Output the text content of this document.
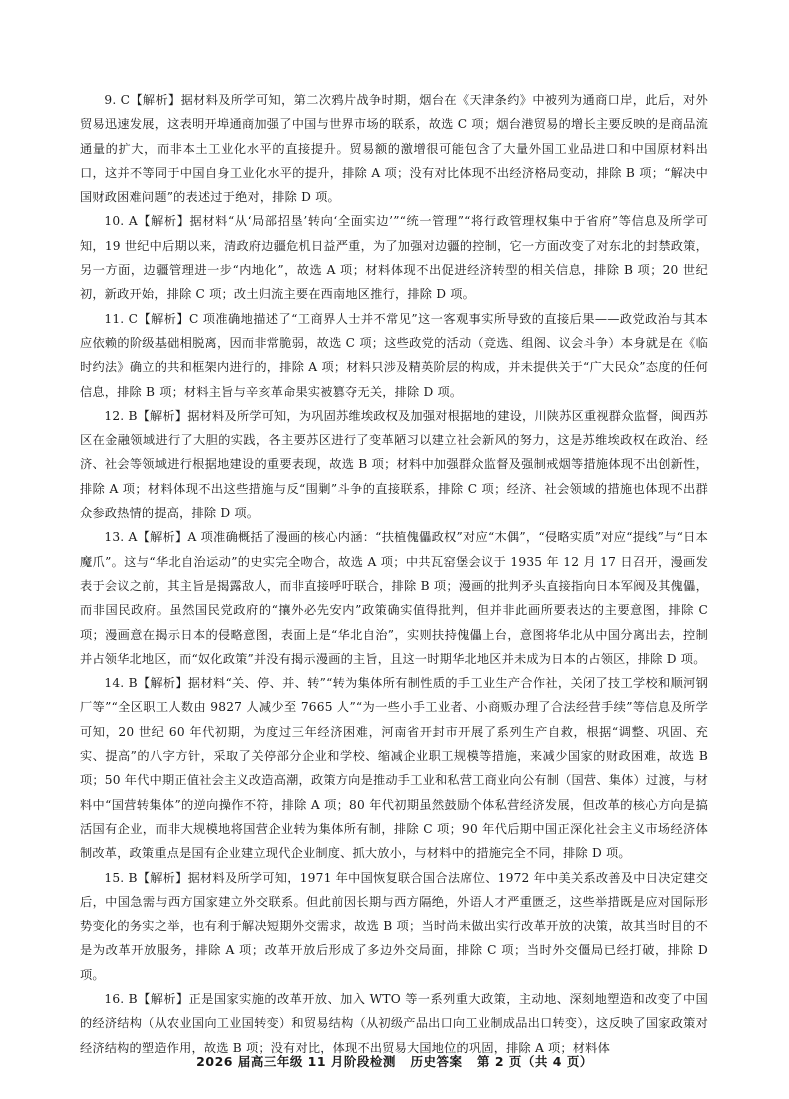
9. C【解析】据材料及所学可知，第二次鸦片战争时期，烟台在《天津条约》中被列为通商口岸，此后，对外贸易迅速发展，这表明开埠通商加强了中国与世界市场的联系，故选 C 项；烟台港贸易的增长主要反映的是商品流通量的扩大，而非本土工业化水平的直接提升。贸易额的激增很可能包含了大量外国工业品进口和中国原材料出口，这并不等同于中国自身工业化水平的提升，排除 A 项；没有对比体现不出经济格局变动，排除 B 项；“解决中国财政困难问题”的表述过于绝对，排除 D 项。

10. A【解析】据材料“从‘局部招垦’转向‘全面实边’”“统一管理”“将行政管理权集中于省府”等信息及所学可知，19 世纪中后期以来，清政府边疆危机日益严重，为了加强对边疆的控制，它一方面改变了对东北的封禁政策，另一方面，边疆管理进一步“内地化”，故选 A 项；材料体现不出促进经济转型的相关信息，排除 B 项；20 世纪初，新政开始，排除 C 项；改土归流主要在西南地区推行，排除 D 项。

11. C【解析】C 项准确地描述了“工商界人士并不常见”这一客观事实所导致的直接后果——政党政治与其本应依赖的阶级基础相脱离，因而非常脆弱，故选 C 项；这些政党的活动（竞选、组阁、议会斗争）本身就是在《临时约法》确立的共和框架内进行的，排除 A 项；材料只涉及精英阶层的构成，并未提供关于“广大民众”态度的任何信息，排除 B 项；材料主旨与辛亥革命果实被篡夺无关，排除 D 项。

12. B【解析】据材料及所学可知，为巩固苏维埃政权及加强对根据地的建设，川陕苏区重视群众监督，闽西苏区在金融领域进行了大胆的实践，各主要苏区进行了变革陋习以建立社会新风的努力，这是苏维埃政权在政治、经济、社会等领域进行根据地建设的重要表现，故选 B 项；材料中加强群众监督及强制戒烟等措施体现不出创新性，排除 A 项；材料体现不出这些措施与反“围剿”斗争的直接联系，排除 C 项；经济、社会领域的措施也体现不出群众参政热情的提高，排除 D 项。

13. A【解析】A 项准确概括了漫画的核心内涵：“扶植傀儡政权”对应“木偶”，“侵略实质”对应“提线”与“日本魔爪”。这与“华北自治运动”的史实完全吻合，故选 A 项；中共瓦窑堡会议于 1935 年 12 月 17 日召开，漫画发表于会议之前，其主旨是揭露敌人，而非直接呼吁联合，排除 B 项；漫画的批判矛头直接指向日本军阀及其傀儡，而非国民政府。虽然国民党政府的“攘外必先安内”政策确实值得批判，但并非此画所要表达的主要意图，排除 C 项；漫画意在揭示日本的侵略意图，表面上是“华北自治”，实则扶持傀儡上台，意图将华北从中国分离出去，控制并占领华北地区，而“奴化政策”并没有揭示漫画的主旨，且这一时期华北地区并未成为日本的占领区，排除 D 项。

14. B【解析】据材料“关、停、并、转”“转为集体所有制性质的手工业生产合作社，关闭了技工学校和顺河钢厂等”“全区职工人数由 9827 人减少至 7665 人”“为一些小手工业者、小商贩办理了合法经营手续”等信息及所学可知，20 世纪 60 年代初期，为度过三年经济困难，河南省开封市开展了系列生产自救，根据“调整、巩固、充实、提高”的八字方针，采取了关停部分企业和学校、缩减企业职工规模等措施，来减少国家的财政困难，故选 B 项；50 年代中期正值社会主义改造高潮，政策方向是推动手工业和私营工商业向公有制（国营、集体）过渡，与材料中“国营转集体”的逆向操作不符，排除 A 项；80 年代初期虽然鼓励个体私营经济发展，但改革的核心方向是搞活国有企业，而非大规模地将国营企业转为集体所有制，排除 C 项；90 年代后期中国正深化社会主义市场经济体制改革，政策重点是国有企业建立现代企业制度、抓大放小，与材料中的措施完全不同，排除 D 项。

15. B【解析】据材料及所学可知，1971 年中国恢复联合国合法席位、1972 年中美关系改善及中日决定建交后，中国急需与西方国家建立外交联系。但此前因长期与西方隔绝，外语人才严重匮乏，这些举措既是应对国际形势变化的务实之举，也有利于解决短期外交需求，故选 B 项；当时尚未做出实行改革开放的决策，故其当时目的不是为改革开放服务，排除 A 项；改革开放后形成了多边外交局面，排除 C 项；当时外交僵局已经打破，排除 D 项。

16. B【解析】正是国家实施的改革开放、加入 WTO 等一系列重大政策，主动地、深刻地塑造和改变了中国的经济结构（从农业国向工业国转变）和贸易结构（从初级产品出口向工业制成品出口转变），这反映了国家政策对经济结构的塑造作用，故选 B 项；没有对比，体现不出贸易大国地位的巩固，排除 A 项；材料体

2026 届高三年级 11 月阶段检测   历史答案   第 2 页（共 4 页）
